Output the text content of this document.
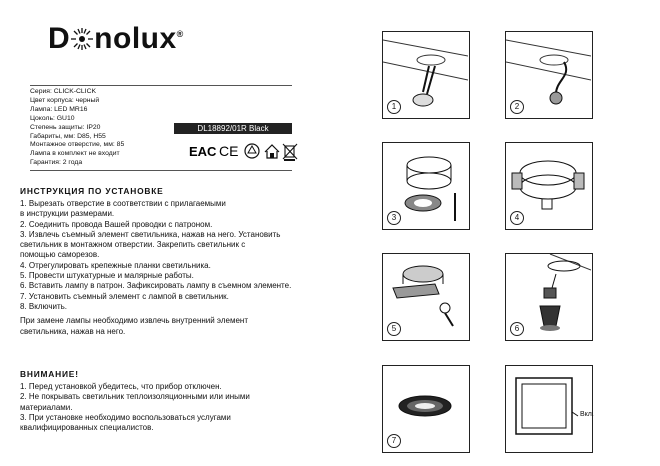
D nolux®
Серия: CLICK-CLICK
Цвет корпуса: черный
Лампа: LED MR16
Цоколь: GU10
Степень защиты: IP20
Габариты, мм: D85, H55
Монтажное отверстие, мм: 85
Лампа в комплект не входит
Гарантия: 2 года
DL18892/01R Black
EAC CE
ИНСТРУКЦИЯ ПО УСТАНОВКЕ
1. Вырезать отверстие в соответствии с прилагаемыми
в инструкции размерами.
2. Соединить провода Вашей проводки с патроном.
3. Извлечь съемный элемент светильника, нажав на него. Установить
светильник в монтажном отверстии. Закрепить светильник с
помощью саморезов.
4. Отрегулировать крепежные планки светильника.
5. Провести штукатурные и малярные работы.
6. Вставить лампу в патрон. Зафиксировать лампу в съемном элементе.
7. Установить съемный элемент с лампой в светильник.
8. Включить.
При замене лампы необходимо извлечь внутренний элемент
светильника, нажав на него.
ВНИМАНИЕ!
1. Перед установкой убедитесь, что прибор отключен.
2. Не покрывать светильник теплоизоляционными или иными
материалами.
3. При установке необходимо воспользоваться услугами
квалифицированных специалистов.
1	2
3	4
5	6
7
Вкл.
